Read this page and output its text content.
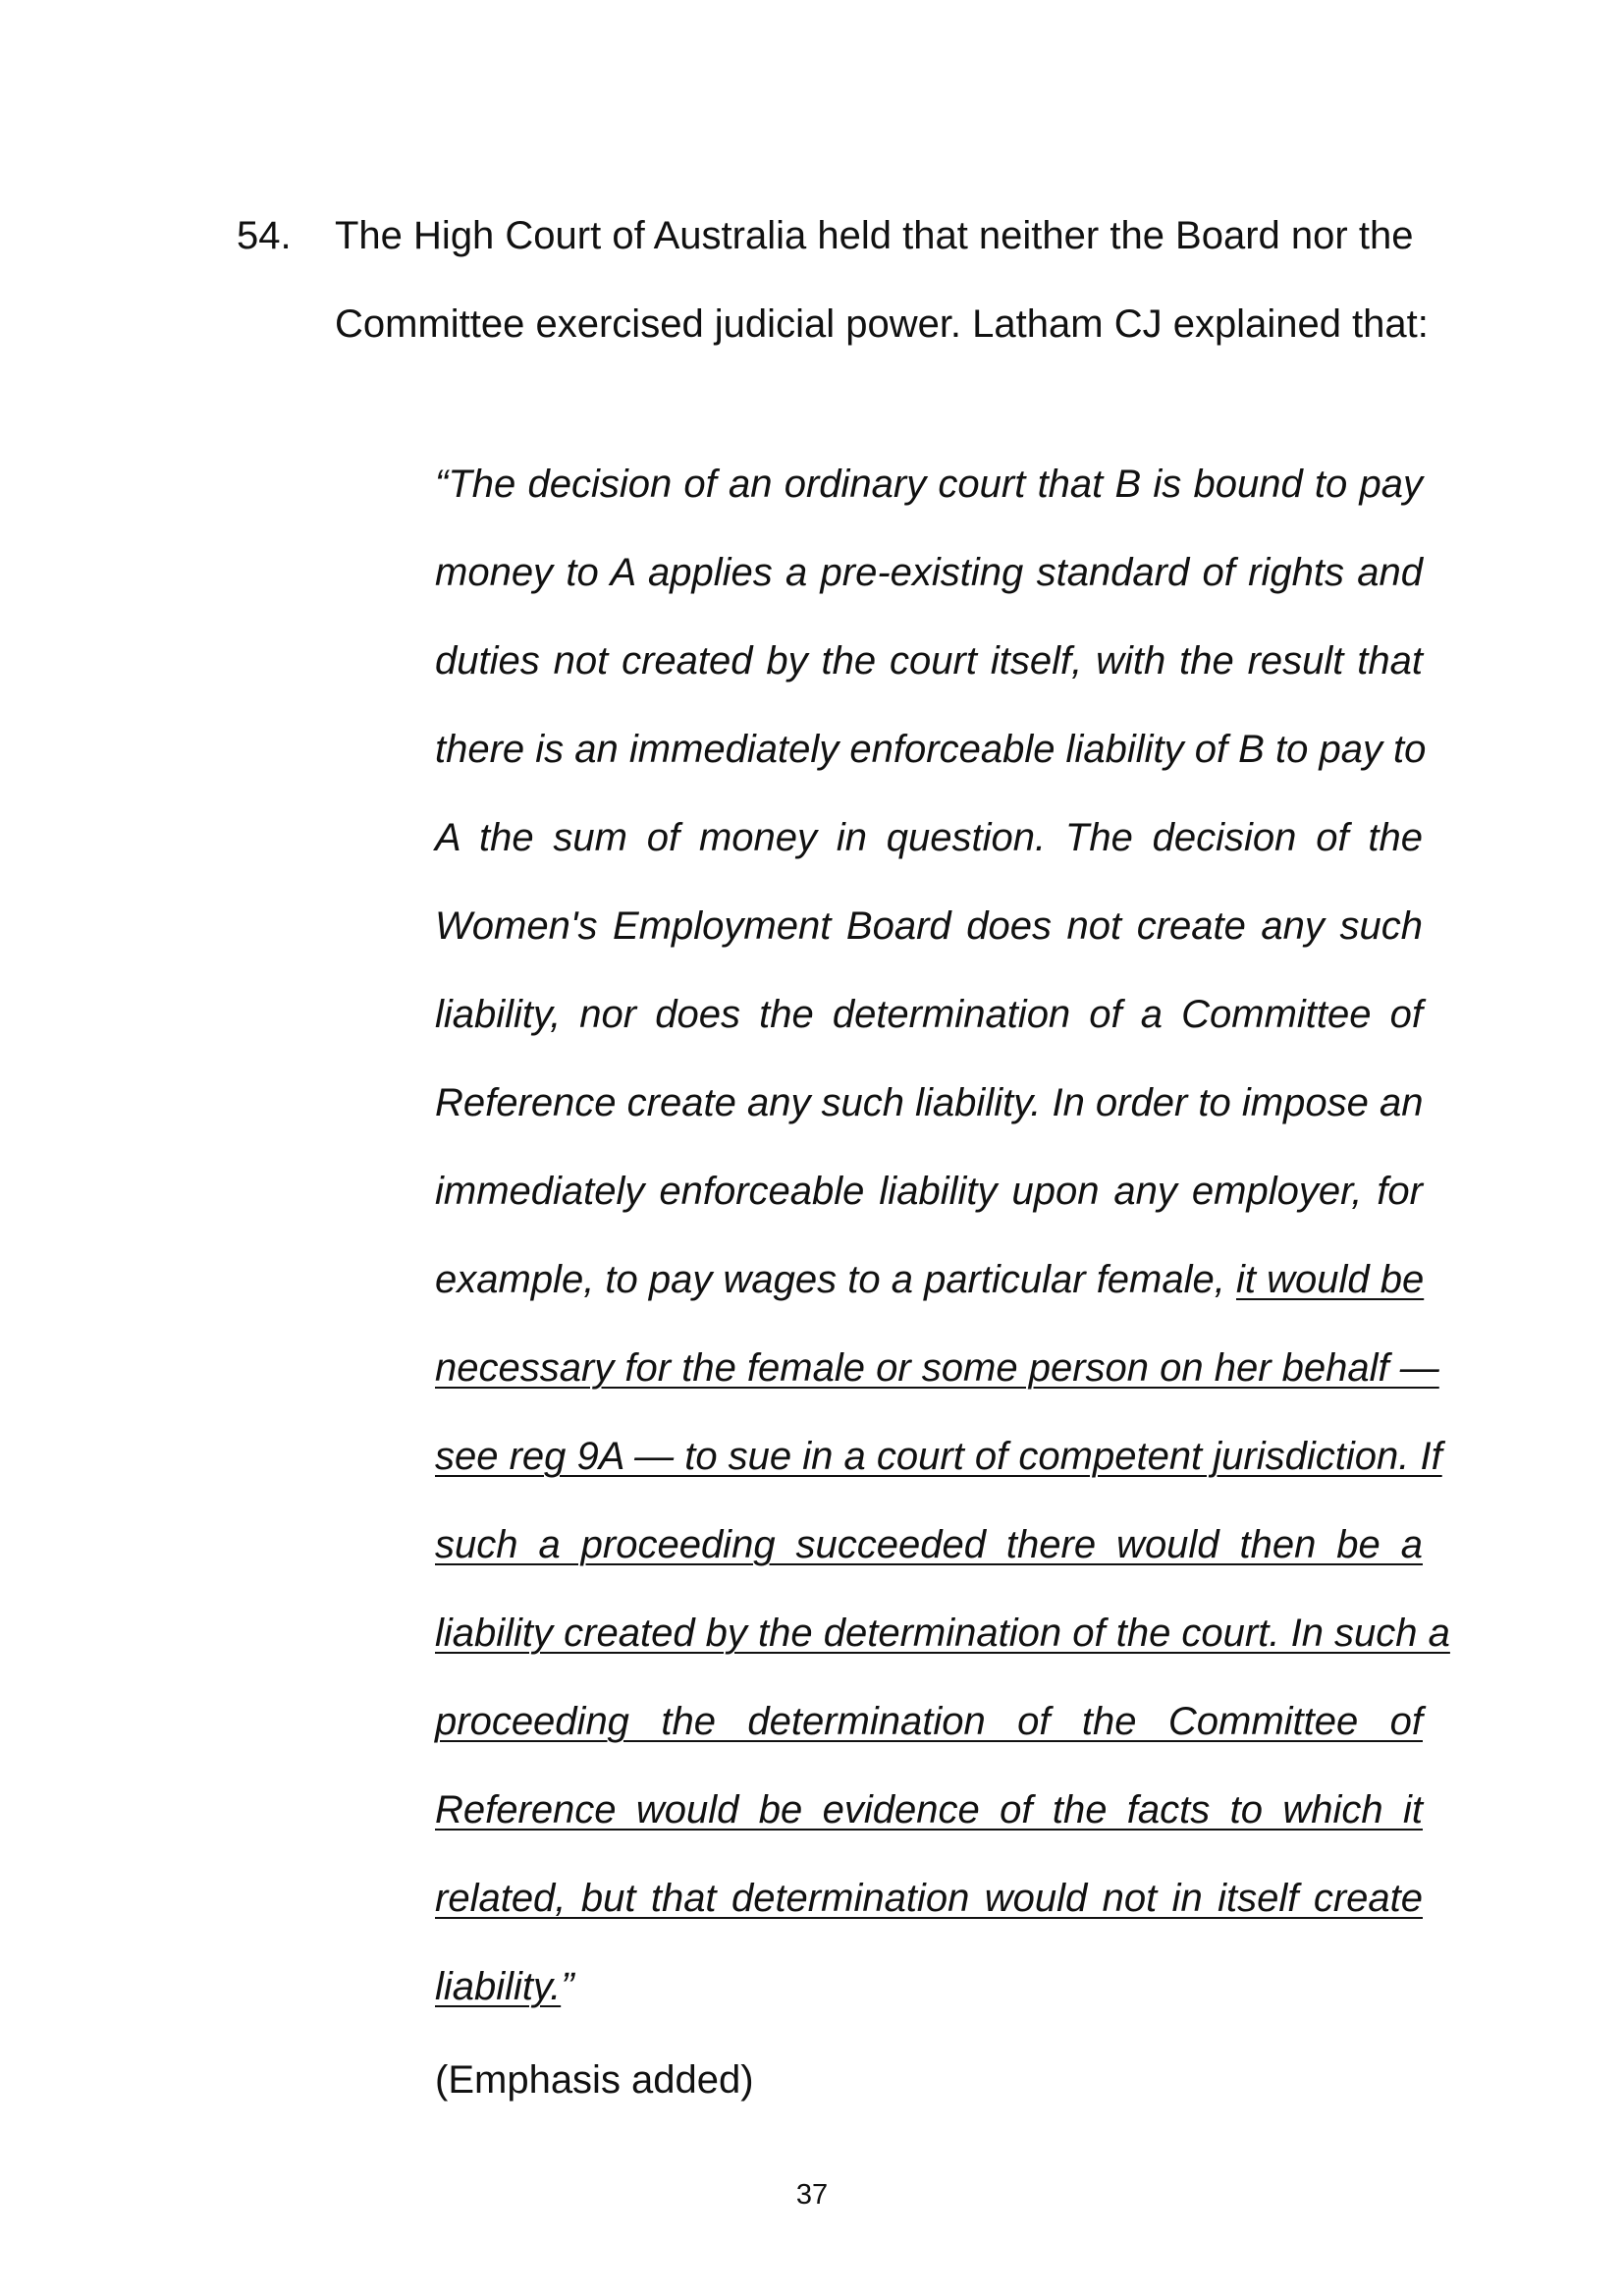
54. The High Court of Australia held that neither the Board nor the
Committee exercised judicial power. Latham CJ explained that:
“The decision of an ordinary court that B is bound to pay
money to A applies a pre-existing standard of rights and
duties not created by the court itself, with the result that
there is an immediately enforceable liability of B to pay to
A the sum of money in question. The decision of the
Women's Employment Board does not create any such
liability, nor does the determination of a Committee of
Reference create any such liability. In order to impose an
immediately enforceable liability upon any employer, for
example, to pay wages to a particular female, it would be
necessary for the female or some person on her behalf —
see reg 9A — to sue in a court of competent jurisdiction. If
such a proceeding succeeded there would then be a
liability created by the determination of the court. In such a
proceeding the determination of the Committee of
Reference would be evidence of the facts to which it
related, but that determination would not in itself create
liability.”
(Emphasis added)
37
